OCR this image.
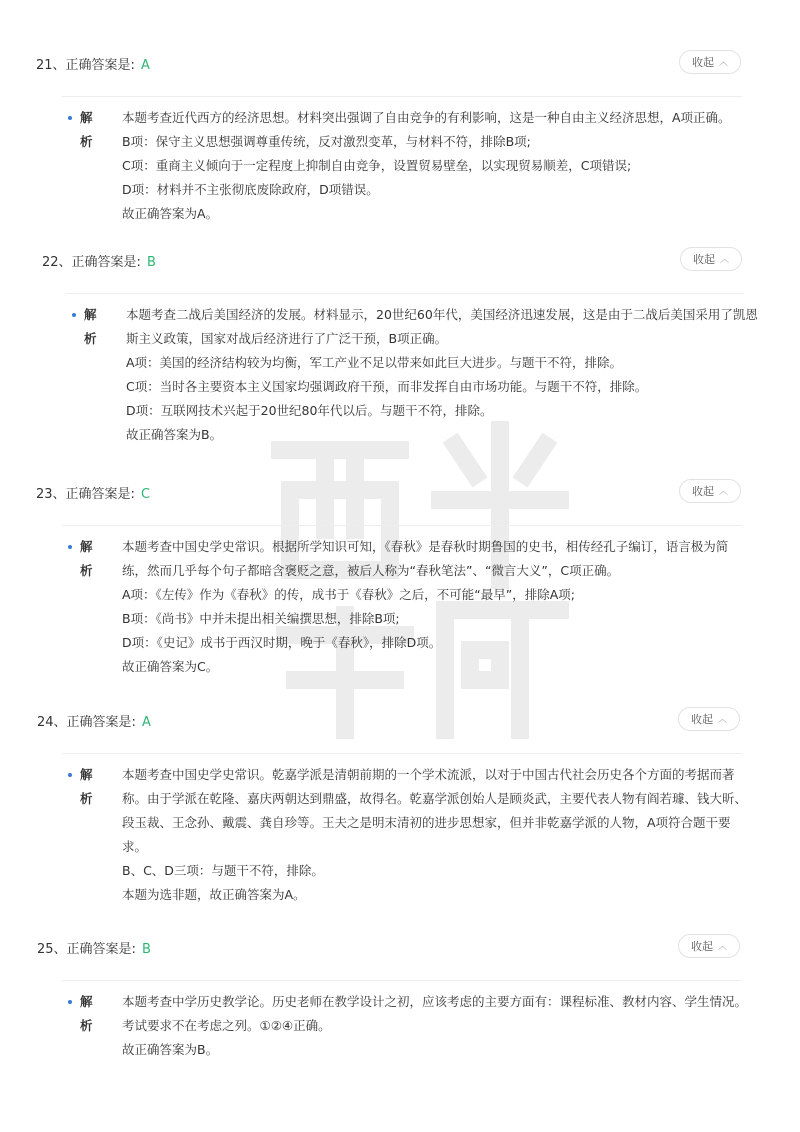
21、正确答案是: A	收起 ︿
解析
本题考查近代西方的经济思想。材料突出强调了自由竞争的有利影响，这是一种自由主义经济思想，A项正确。
B项：保守主义思想强调尊重传统，反对激烈变革，与材料不符，排除B项;
C项：重商主义倾向于一定程度上抑制自由竞争，设置贸易壁垒，以实现贸易顺差，C项错误;
D项：材料并不主张彻底废除政府，D项错误。
故正确答案为A。
22、正确答案是: B	收起 ︿
解析
本题考查二战后美国经济的发展。材料显示，20世纪60年代，美国经济迅速发展，这是由于二战后美国采用了凯恩
斯主义政策，国家对战后经济进行了广泛干预，B项正确。
A项：美国的经济结构较为均衡，军工产业不足以带来如此巨大进步。与题干不符，排除。
C项：当时各主要资本主义国家均强调政府干预，而非发挥自由市场功能。与题干不符，排除。
D项：互联网技术兴起于20世纪80年代以后。与题干不符，排除。
故正确答案为B。
23、正确答案是: C	收起 ︿
解析
本题考查中国史学史常识。根据所学知识可知，《春秋》是春秋时期鲁国的史书，相传经孔子编订，语言极为简
练，然而几乎每个句子都暗含褒贬之意，被后人称为“春秋笔法”、“微言大义”，C项正确。
A项：《左传》作为《春秋》的传，成书于《春秋》之后，不可能“最早”，排除A项;
B项：《尚书》中并未提出相关编撰思想，排除B项;
D项：《史记》成书于西汉时期，晚于《春秋》，排除D项。
故正确答案为C。
24、正确答案是: A	收起 ︿
解析
本题考查中国史学史常识。乾嘉学派是清朝前期的一个学术流派，以对于中国古代社会历史各个方面的考据而著
称。由于学派在乾隆、嘉庆两朝达到鼎盛，故得名。乾嘉学派创始人是顾炎武，主要代表人物有阎若璩、钱大昕、
段玉裁、王念孙、戴震、龚自珍等。王夫之是明末清初的进步思想家，但并非乾嘉学派的人物，A项符合题干要
求。
B、C、D三项：与题干不符，排除。
本题为选非题，故正确答案为A。
25、正确答案是: B	收起 ︿
解析
本题考查中学历史教学论。历史老师在教学设计之初，应该考虑的主要方面有：课程标准、教材内容、学生情况。
考试要求不在考虑之列。①②④正确。
故正确答案为B。
